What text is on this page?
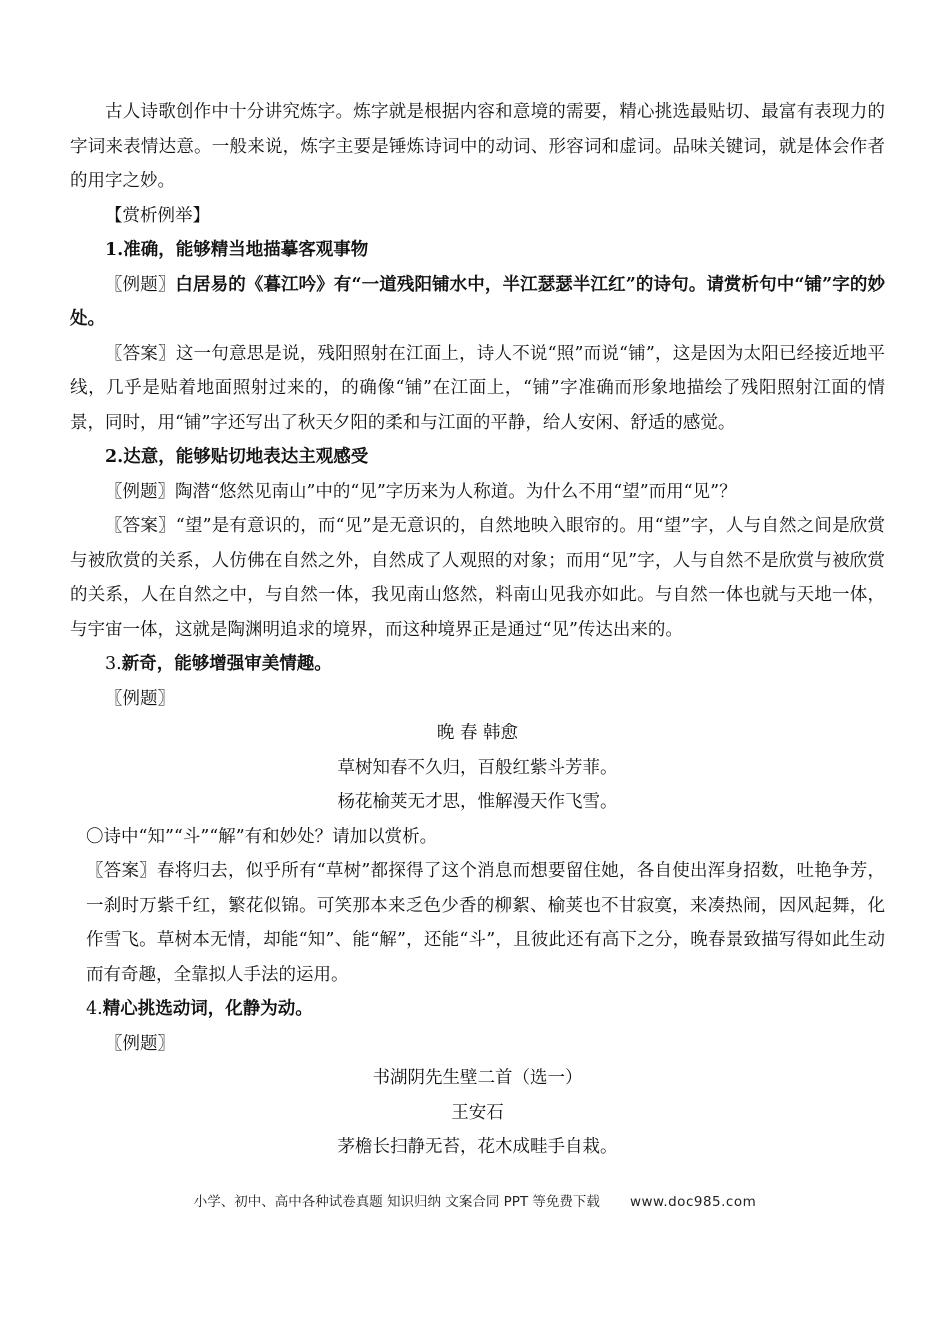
古人诗歌创作中十分讲究炼字。炼字就是根据内容和意境的需要，精心挑选最贴切、最富有表现力的字词来表情达意。一般来说，炼字主要是锤炼诗词中的动词、形容词和虚词。品味关键词，就是体会作者的用字之妙。

【赏析例举】

1.准确，能够精当地描摹客观事物

〖例题〗白居易的《暮江吟》有“一道残阳铺水中，半江瑟瑟半江红”的诗句。请赏析句中“铺”字的妙处。

〖答案〗这一句意思是说，残阳照射在江面上，诗人不说“照”而说“铺”，这是因为太阳已经接近地平线，几乎是贴着地面照射过来的，的确像“铺”在江面上，“铺”字准确而形象地描绘了残阳照射江面的情景，同时，用“铺”字还写出了秋天夕阳的柔和与江面的平静，给人安闲、舒适的感觉。

2.达意，能够贴切地表达主观感受

〖例题〗陶潜“悠然见南山”中的“见”字历来为人称道。为什么不用“望”而用“见”？

〖答案〗“望”是有意识的，而“见”是无意识的，自然地映入眼帘的。用“望”字，人与自然之间是欣赏与被欣赏的关系，人仿佛在自然之外，自然成了人观照的对象；而用“见”字，人与自然不是欣赏与被欣赏的关系，人在自然之中，与自然一体，我见南山悠然，料南山见我亦如此。与自然一体也就与天地一体，与宇宙一体，这就是陶渊明追求的境界，而这种境界正是通过“见”传达出来的。

3.新奇，能够增强审美情趣。

〖例题〗

晚 春 韩愈

草树知春不久归，百般红紫斗芳菲。

杨花榆荚无才思，惟解漫天作飞雪。

〇诗中“知”“斗”“解”有和妙处？请加以赏析。

〖答案〗春将归去，似乎所有“草树”都探得了这个消息而想要留住她，各自使出浑身招数，吐艳争芳，一刹时万紫千红，繁花似锦。可笑那本来乏色少香的柳絮、榆荚也不甘寂寞，来凑热闹，因风起舞，化作雪飞。草树本无情，却能“知”、能“解”，还能“斗”，且彼此还有高下之分，晚春景致描写得如此生动而有奇趣，全靠拟人手法的运用。

4.精心挑选动词，化静为动。

〖例题〗

书湖阴先生壁二首（选一）

王安石

茅檐长扫静无苔，花木成畦手自栽。

小学、初中、高中各种试卷真题 知识归纳 文案合同 PPT 等免费下载 www.doc985.com
